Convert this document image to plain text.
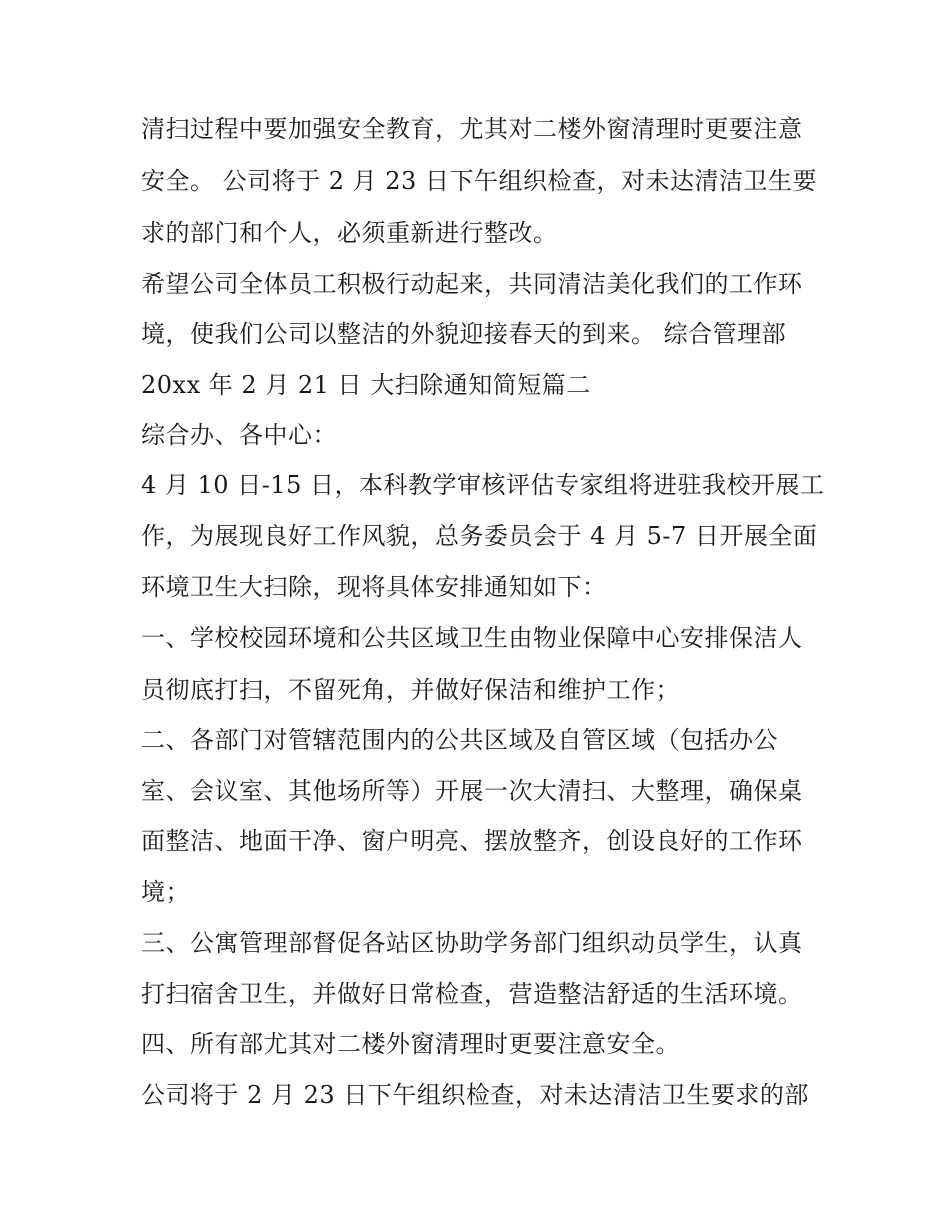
清扫过程中要加强安全教育，尤其对二楼外窗清理时更要注意
安全。 公司将于 2 月 23 日下午组织检查，对未达清洁卫生要
求的部门和个人，必须重新进行整改。
希望公司全体员工积极行动起来，共同清洁美化我们的工作环
境，使我们公司以整洁的外貌迎接春天的到来。 综合管理部
20xx 年 2 月 21 日 大扫除通知简短篇二
综合办、各中心：
4 月 10 日-15 日，本科教学审核评估专家组将进驻我校开展工
作，为展现良好工作风貌，总务委员会于 4 月 5-7 日开展全面
环境卫生大扫除，现将具体安排通知如下：
一、学校校园环境和公共区域卫生由物业保障中心安排保洁人
员彻底打扫，不留死角，并做好保洁和维护工作；
二、各部门对管辖范围内的公共区域及自管区域（包括办公
室、会议室、其他场所等）开展一次大清扫、大整理，确保桌
面整洁、地面干净、窗户明亮、摆放整齐，创设良好的工作环
境；
三、公寓管理部督促各站区协助学务部门组织动员学生，认真
打扫宿舍卫生，并做好日常检查，营造整洁舒适的生活环境。
四、所有部尤其对二楼外窗清理时更要注意安全。
公司将于 2 月 23 日下午组织检查，对未达清洁卫生要求的部
